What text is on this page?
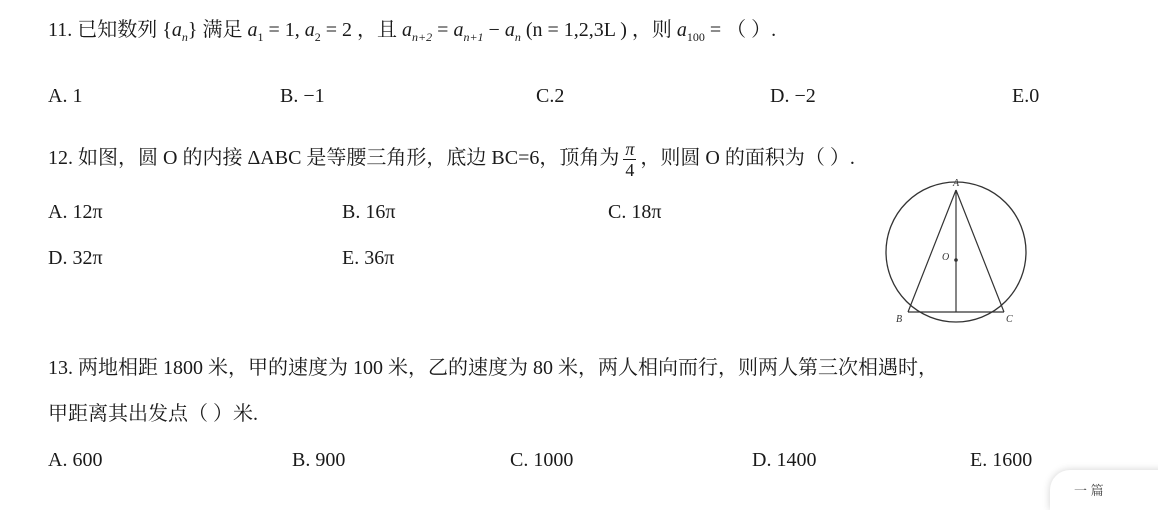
11. 已知数列 $\{a_n\}$ 满足 $a_1 = 1$, $a_2 = 2$ ，且 $a_{n+2} = a_{n+1} - a_n$ (n = 1,2,3L ) ，则 $a_{100}$ = （ ）.
A. 1	B. −1	C.2	D. −2	E.0
12. 如图，圆 O 的内接 ΔABC 是等腰三角形，底边 BC=6，顶角为 $\frac{\pi}{4}$ ，则圆 O 的面积为（ ）.
A. 12π	B. 16π	C. 18π
D. 32π	E. 36π
A
O
B	C
13. 两地相距 1800 米，甲的速度为 100 米，乙的速度为 80 米，两人相向而行，则两人第三次相遇时，
甲距离其出发点（ ）米.
A. 600	B. 900	C. 1000	D. 1400	E. 1600
一 篇
